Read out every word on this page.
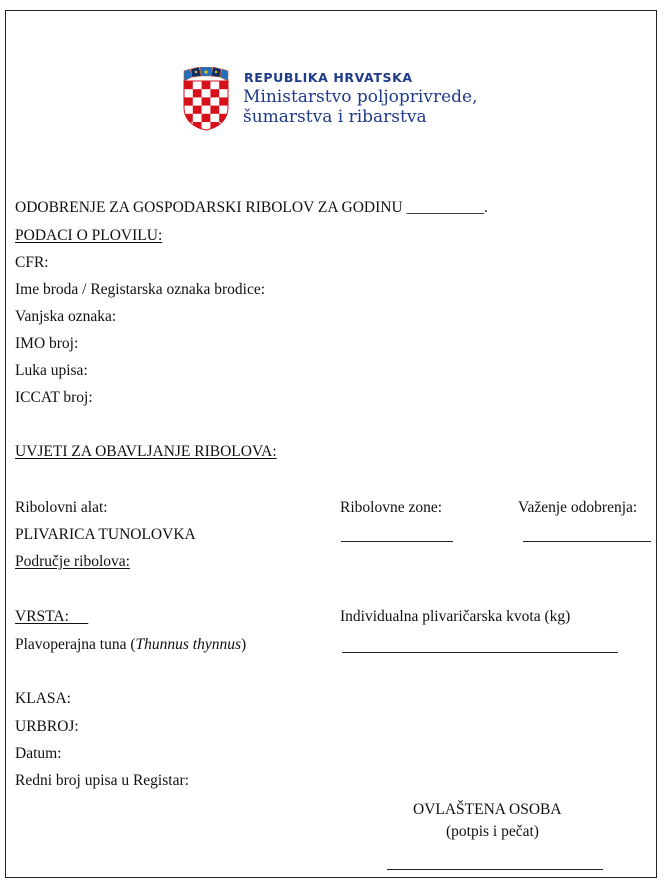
REPUBLIKA HRVATSKA
Ministarstvo poljoprivrede,
šumarstva i ribarstva
ODOBRENJE ZA GOSPODARSKI RIBOLOV ZA GODINU __________.
PODACI O PLOVILU:
CFR:
Ime broda / Registarska oznaka brodice:
Vanjska oznaka:
IMO broj:
Luka upisa:
ICCAT broj:
UVJETI ZA OBAVLJANJE RIBOLOVA:
Ribolovni alat:	Ribolovne zone:	Važenje odobrenja:
PLIVARICA TUNOLOVKA
Područje ribolova:
VRSTA:	Individualna plivaričarska kvota (kg)
Plavoperajna tuna (Thunnus thynnus)
KLASA:
URBROJ:
Datum:
Redni broj upisa u Registar:
OVLAŠTENA OSOBA
(potpis i pečat)
